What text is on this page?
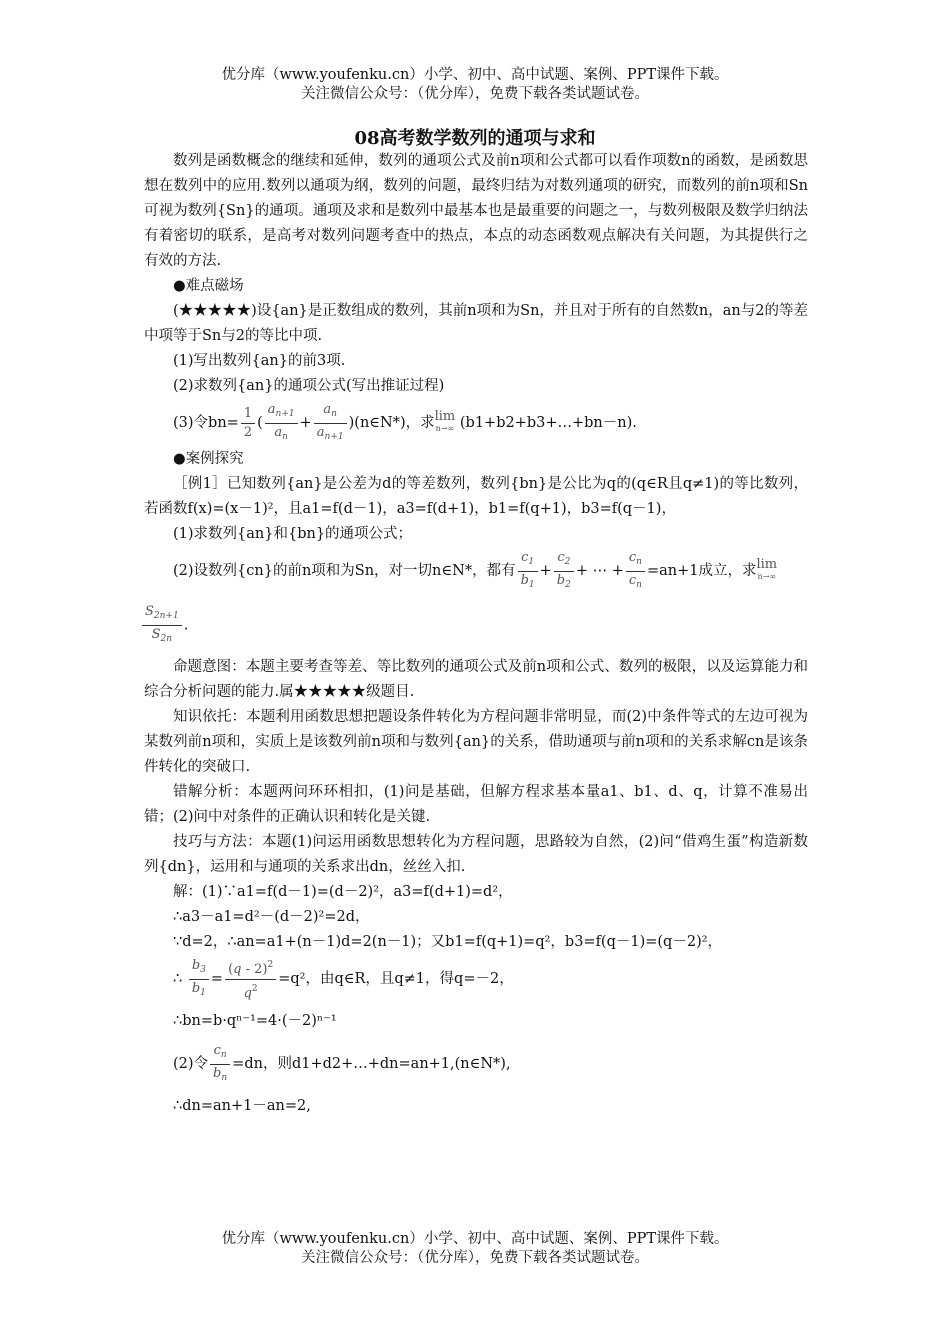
优分库（www.youfenku.cn）小学、初中、高中试题、案例、PPT课件下载。
关注微信公众号：（优分库），免费下载各类试题试卷。
08高考数学数列的通项与求和

数列是函数概念的继续和延伸，数列的通项公式及前n项和公式都可以看作项数n的函数，是函数思想在数列中的应用.数列以通项为纲，数列的问题，最终归结为对数列通项的研究，而数列的前n项和Sn可视为数列{Sn}的通项。通项及求和是数列中最基本也是最重要的问题之一，与数列极限及数学归纳法有着密切的联系，是高考对数列问题考查中的热点，本点的动态函数观点解决有关问题，为其提供行之有效的方法.

●难点磁场

(★★★★★)设{an}是正数组成的数列，其前n项和为Sn，并且对于所有的自然数n，an与2的等差中项等于Sn与2的等比中项.

(1)写出数列{an}的前3项.

(2)求数列{an}的通项公式(写出推证过程)

(3)令$bn= \frac{1}{2}$ ( $\frac{a_{n+1}}{a_n} + \frac{a_n}{a_{n+1}}$ )(n∈N*)，求 lim
n→∞ (b1+b2+b3+…+bn－n).

●案例探究

［例1］已知数列{an}是公差为d的等差数列，数列{bn}是公比为q的(q∈R且q≠1)的等比数列，若函数f(x)=(x－1)²，且a1=f(d－1)，a3=f(d+1)，b1=f(q+1)，b3=f(q－1)，

(1)求数列{an}和{bn}的通项公式；

(2)设数列{cn}的前n项和为Sn，对一切n∈N*，都有 $\frac{c_1}{b_1} + \frac{c_2}{b_2}$ + ⋯ + $\frac{c_n}{c_n} =an+1$成立，求 lim
n→∞

$\frac{S_{2n+1}}{S_{2n}}$ .

命题意图：本题主要考查等差、等比数列的通项公式及前n项和公式、数列的极限，以及运算能力和综合分析问题的能力.属★★★★★级题目.

知识依托：本题利用函数思想把题设条件转化为方程问题非常明显，而(2)中条件等式的左边可视为某数列前n项和，实质上是该数列前n项和与数列{an}的关系，借助通项与前n项和的关系求解cn是该条件转化的突破口.

错解分析：本题两问环环相扣，(1)问是基础，但解方程求基本量a1、b1、d、q，计算不准易出错；(2)问中对条件的正确认识和转化是关键.

技巧与方法：本题(1)问运用函数思想转化为方程问题，思路较为自然，(2)问“借鸡生蛋”构造新数列{dn}，运用和与通项的关系求出dn，丝丝入扣.

解：(1)∵a1=f(d－1)=(d－2)²，a3=f(d+1)=d²，

∴a3－a1=d²－(d－2)²=2d，

∵d=2，∴an=a1+(n－1)d=2(n－1)；又b1=f(q+1)=q²，b3=f(q－1)=(q－2)²，

∴ $\frac{b_3}{b_1} = \frac{(q - 2)^2}{q^2} =q^2$，由q∈R，且q≠1，得q=－2，

∴bn=b·qⁿ⁻¹=4·(－2)ⁿ⁻¹

(2)令 $\frac{c_n}{b_n} =dn$，则d1+d2+…+dn=an+1,(n∈N*),

∴dn=an+1－an=2,

优分库（www.youfenku.cn）小学、初中、高中试题、案例、PPT课件下载。
关注微信公众号：（优分库），免费下载各类试题试卷。
